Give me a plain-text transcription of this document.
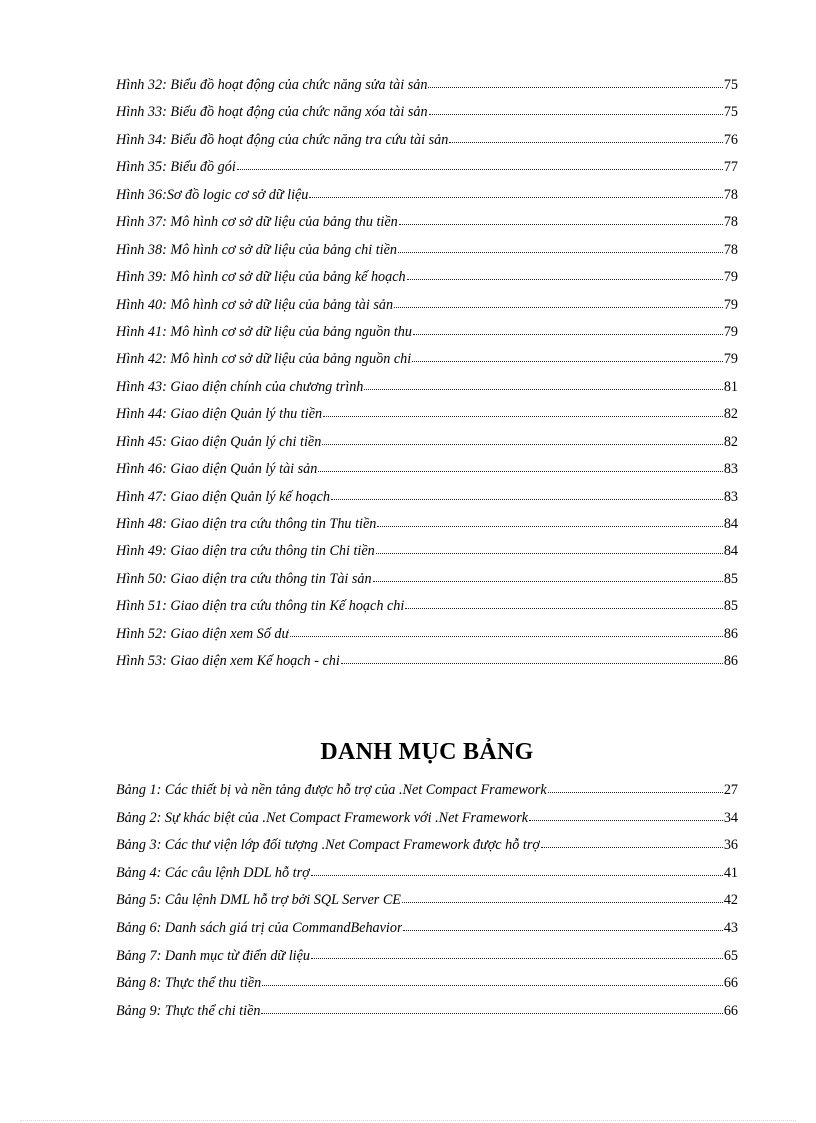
Hình 32: Biểu đồ hoạt động của chức năng sửa tài sản	75
Hình 33: Biểu đồ hoạt động của chức năng xóa tài sản	75
Hình 34: Biểu đồ hoạt động của chức năng tra cứu tài sản	76
Hình 35: Biểu đồ gói	77
Hình 36:Sơ đồ logic cơ sở dữ liệu	78
Hình 37: Mô hình cơ sở dữ liệu của bảng thu tiền	78
Hình 38: Mô hình cơ sở dữ liệu của bảng chi tiền	78
Hình 39: Mô hình cơ sở dữ liệu của bảng kế hoạch	79
Hình 40: Mô hình cơ sở dữ liệu của bảng tài sản	79
Hình 41: Mô hình cơ sở dữ liệu của bảng nguồn thu	79
Hình 42: Mô hình cơ sở dữ liệu của bảng nguồn chi	79
Hình 43: Giao diện chính của chương trình	81
Hình 44: Giao diện Quản lý thu tiền	82
Hình 45: Giao diện Quản lý chi tiền	82
Hình 46: Giao diện Quản lý tài sản	83
Hình 47: Giao diện Quản lý kế hoạch	83
Hình 48: Giao diện tra cứu thông tin Thu tiền	84
Hình 49: Giao diện tra cứu thông tin Chi tiền	84
Hình 50: Giao diện tra cứu thông tin Tài sản	85
Hình 51: Giao diện tra cứu thông tin Kế hoạch chi	85
Hình 52: Giao diện xem Số dư	86
Hình 53: Giao diện xem Kế hoạch - chi	86
DANH MỤC BẢNG
Bảng 1: Các thiết bị và nền tảng được hỗ trợ của .Net Compact Framework	27
Bảng 2: Sự khác biệt của .Net Compact Framework với .Net Framework	34
Bảng 3: Các thư viện lớp đối tượng .Net Compact Framework được hỗ trợ	36
Bảng 4: Các câu lệnh DDL hỗ trợ	41
Bảng 5: Câu lệnh DML hỗ trợ bởi SQL Server CE	42
Bảng 6: Danh sách giá trị của CommandBehavior	43
Bảng 7: Danh mục từ điển dữ liệu	65
Bảng 8: Thực thể thu tiền	66
Bảng 9: Thực thể chi tiền	66
